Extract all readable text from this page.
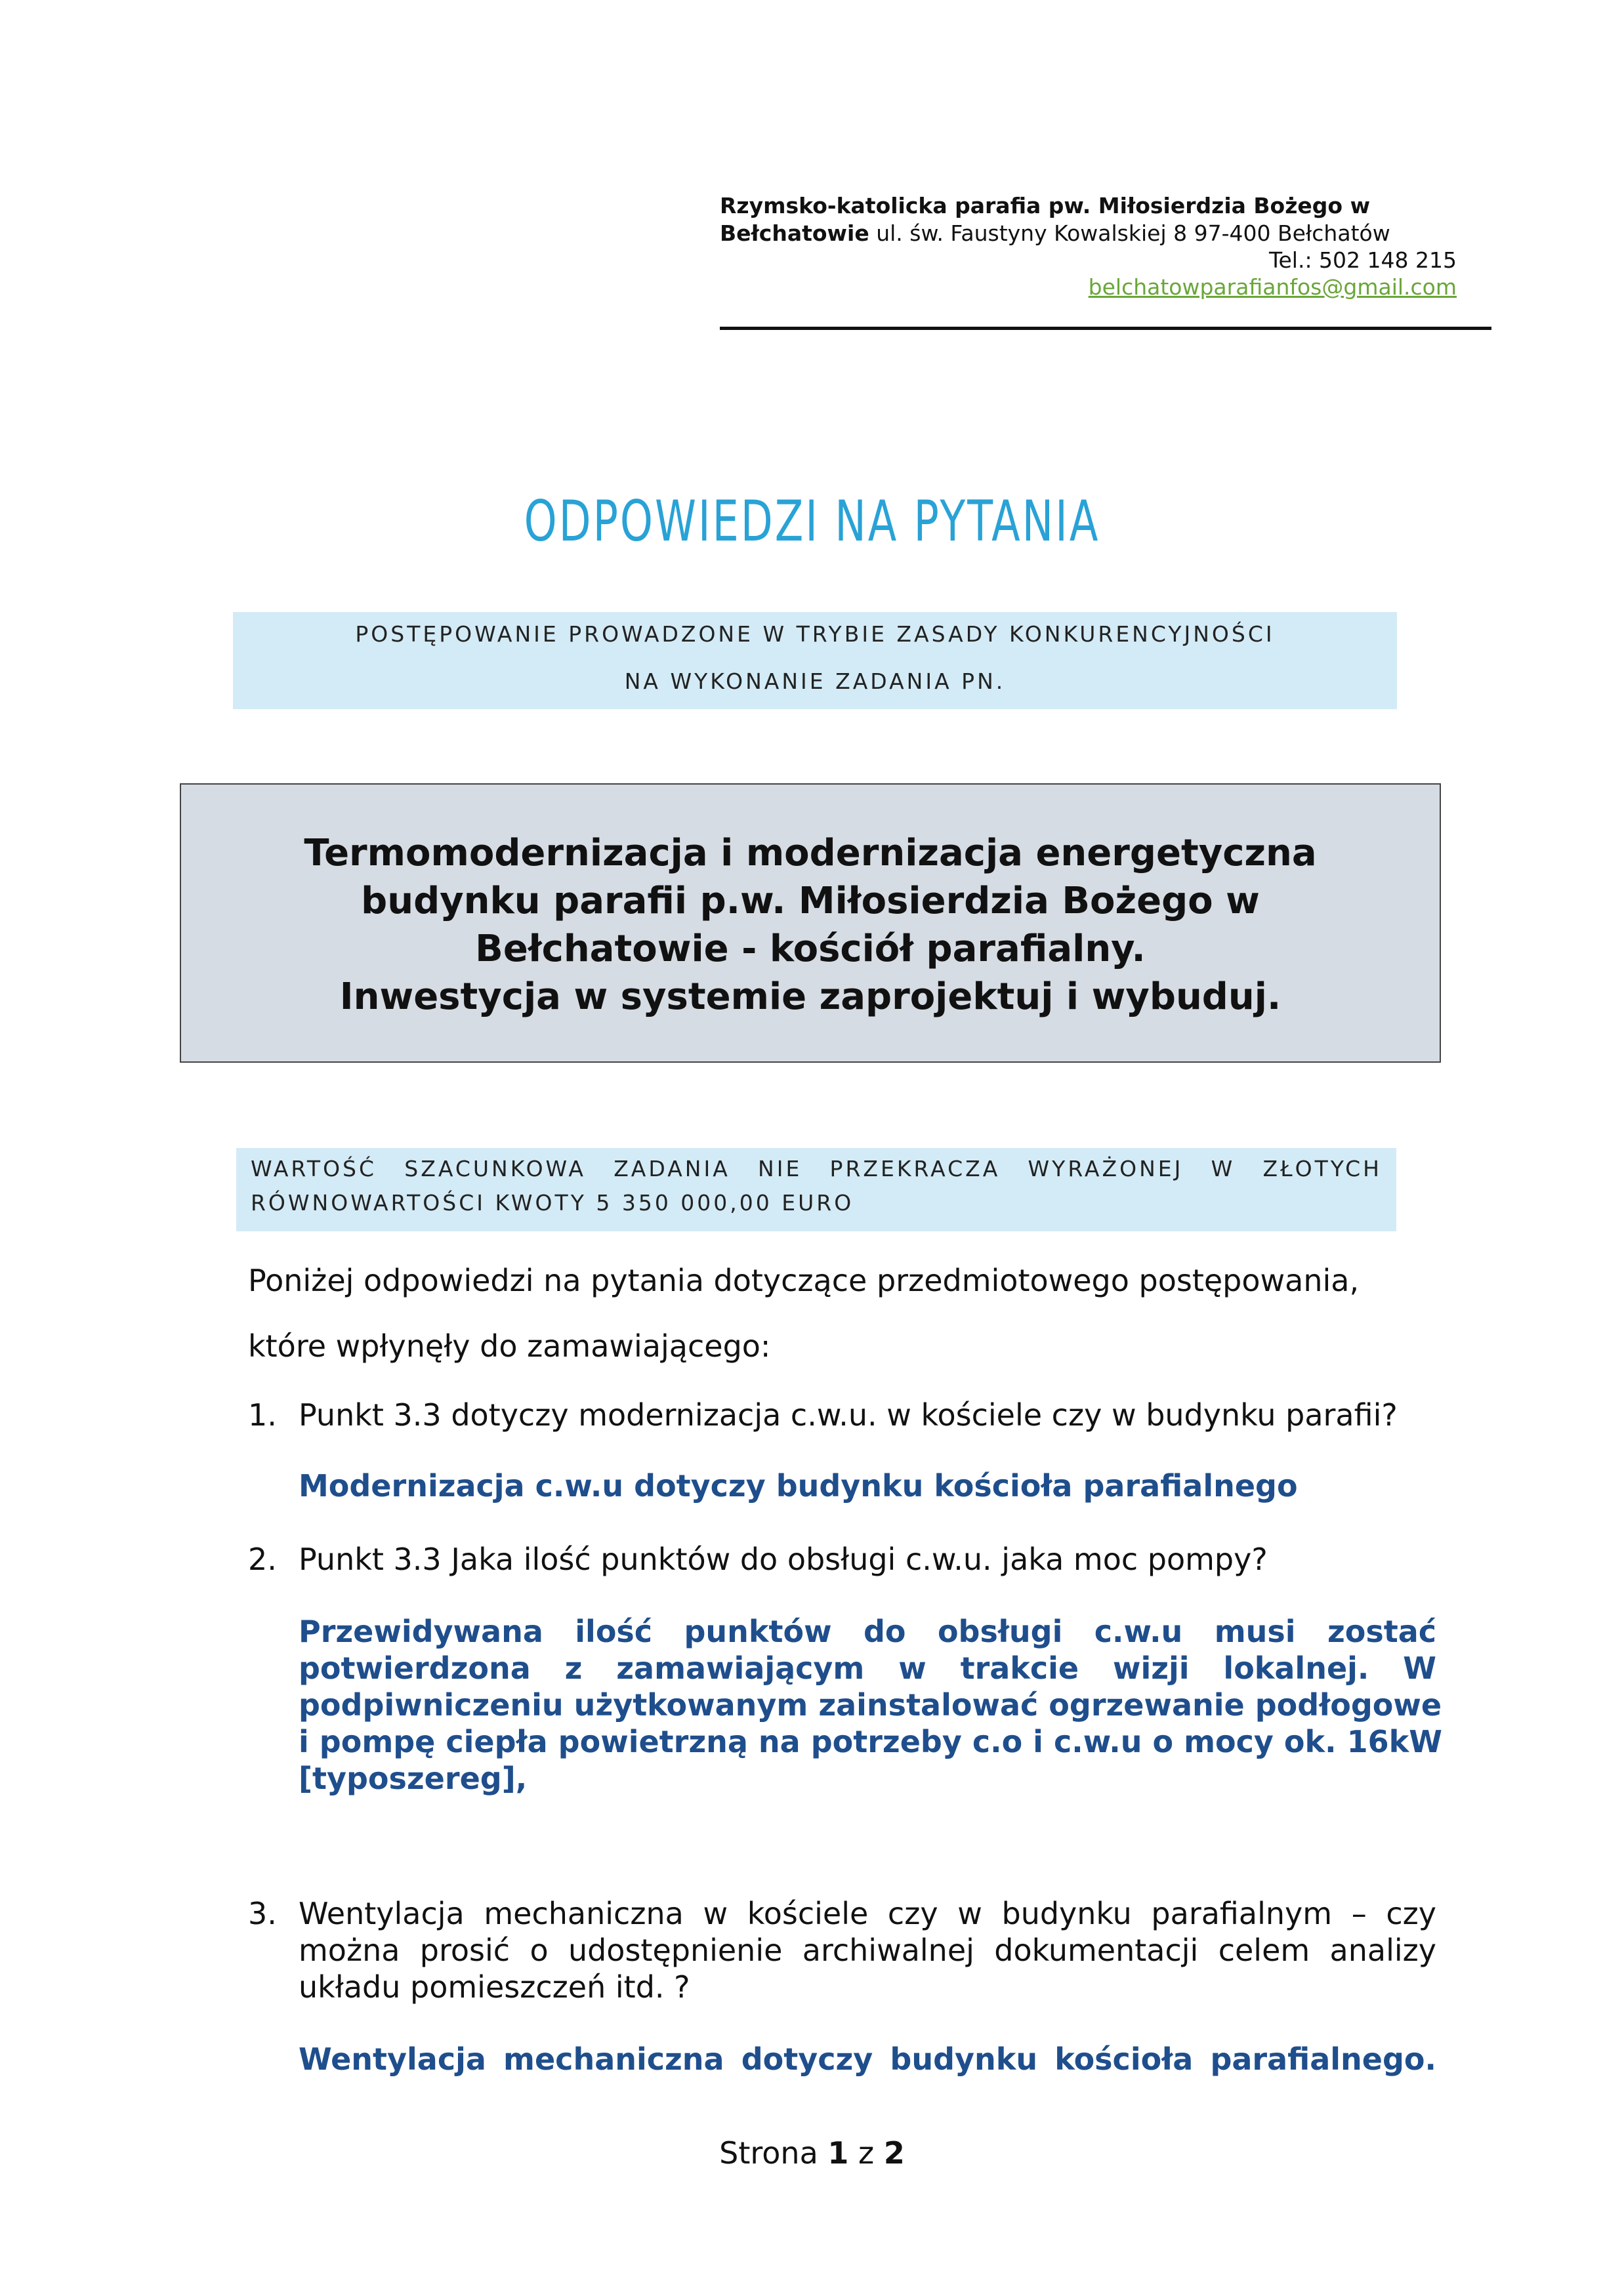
Rzymsko-katolicka parafia pw. Miłosierdzia Bożego w
Bełchatowie ul. św. Faustyny Kowalskiej 8 97-400 Bełchatów
Tel.: 502 148 215
belchatowparafianfos@gmail.com
ODPOWIEDZI NA PYTANIA
POSTĘPOWANIE PROWADZONE W TRYBIE ZASADY KONKURENCYJNOŚCI
NA WYKONANIE ZADANIA PN.
Termomodernizacja i modernizacja energetyczna
budynku parafii p.w. Miłosierdzia Bożego w
Bełchatowie - kościół parafialny.
Inwestycja w systemie zaprojektuj i wybuduj.
WARTOŚĆ SZACUNKOWA ZADANIA NIE PRZEKRACZA WYRAŻONEJ W ZŁOTYCH
RÓWNOWARTOŚCI KWOTY 5 350 000,00 EURO
Poniżej odpowiedzi na pytania dotyczące przedmiotowego postępowania,
które wpłynęły do zamawiającego:
1. Punkt 3.3 dotyczy modernizacja c.w.u. w kościele czy w budynku parafii?
Modernizacja c.w.u dotyczy budynku kościoła parafialnego
2. Punkt 3.3 Jaka ilość punktów do obsługi c.w.u. jaka moc pompy?
Przewidywana ilość punktów do obsługi c.w.u musi zostać
potwierdzona z zamawiającym w trakcie wizji lokalnej. W
podpiwniczeniu użytkowanym zainstalować ogrzewanie podłogowe
i pompę ciepła powietrzną na potrzeby c.o i c.w.u o mocy ok. 16kW
[typoszereg],
3. Wentylacja mechaniczna w kościele czy w budynku parafialnym – czy
można prosić o udostępnienie archiwalnej dokumentacji celem analizy
układu pomieszczeń itd. ?
Wentylacja mechaniczna dotyczy budynku kościoła parafialnego.
Strona 1 z 2
